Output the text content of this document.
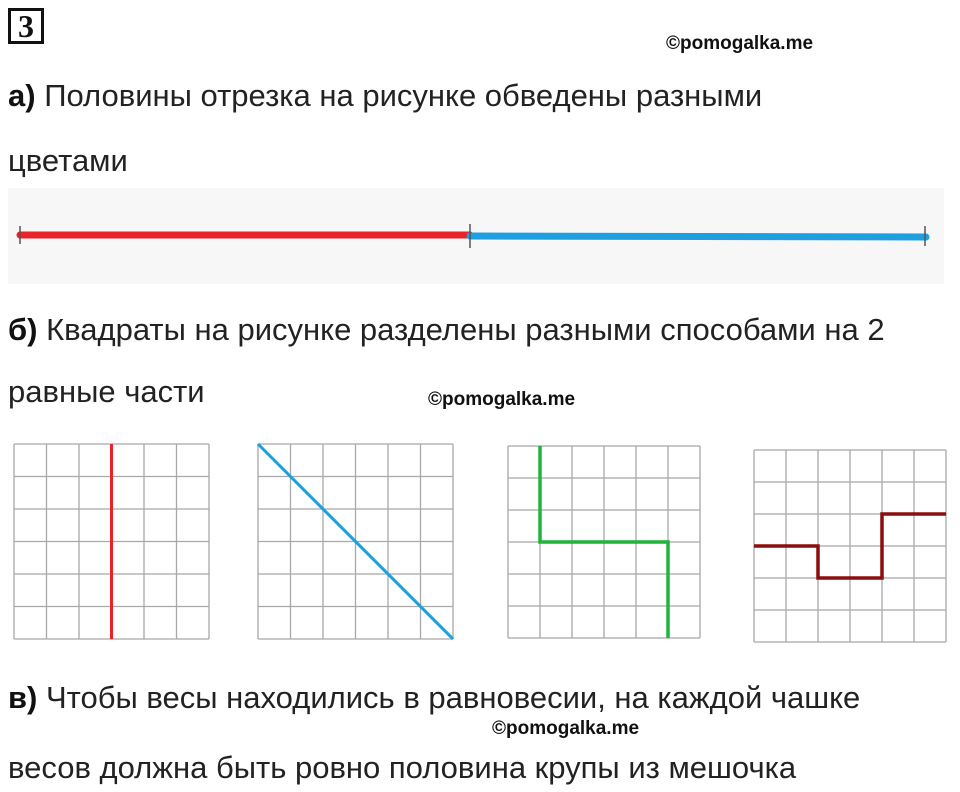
3	©pomogalka.me
а) Половины отрезка на рисунке обведены разными
цветами
б) Квадраты на рисунке разделены разными способами на 2
равные части	©pomogalka.me
в) Чтобы весы находились в равновесии, на каждой чашке
©pomogalka.me
весов должна быть ровно половина крупы из мешочка
